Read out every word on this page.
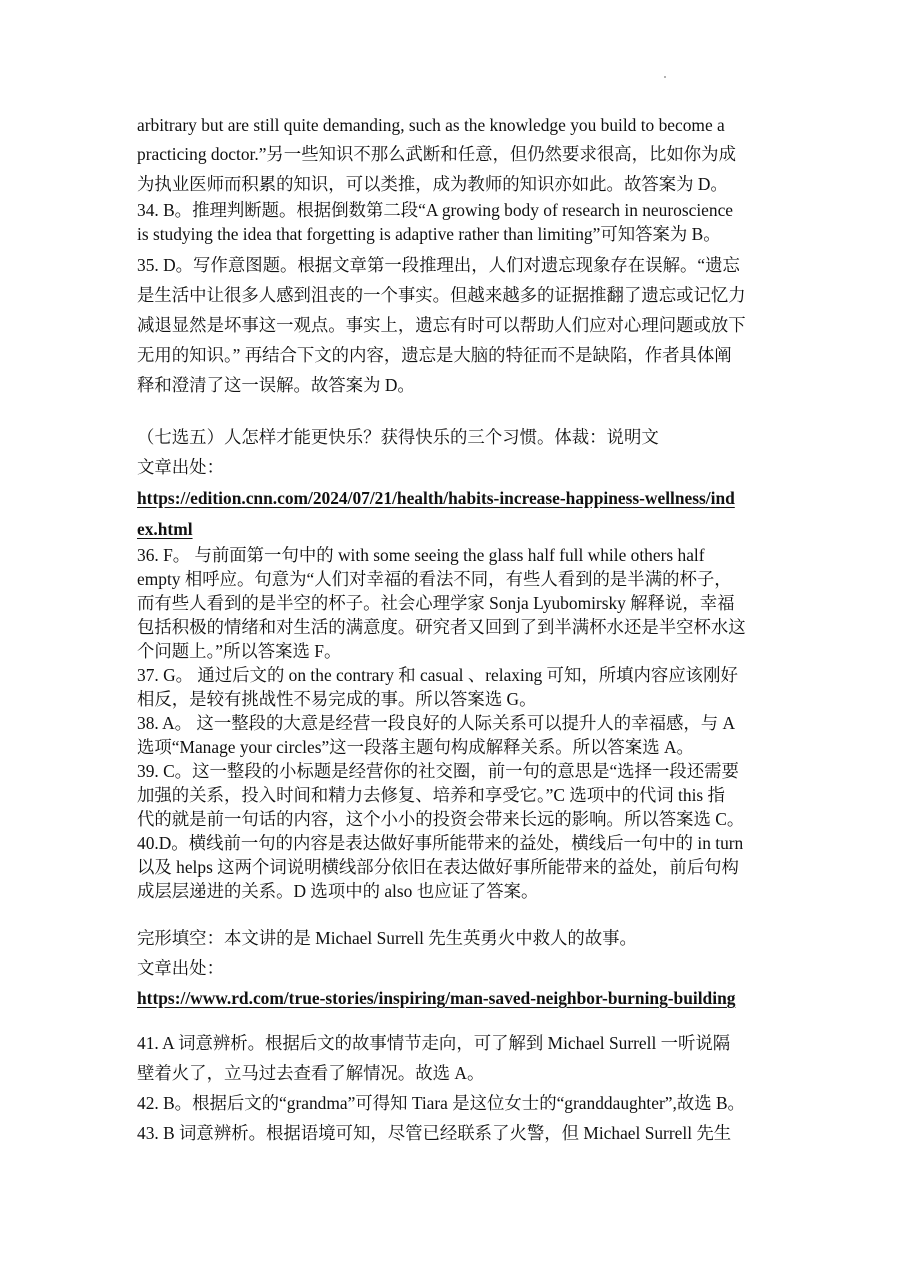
arbitrary but are still quite demanding, such as the knowledge you build to become a
practicing doctor.”另一些知识不那么武断和任意，但仍然要求很高，比如你为成
为执业医师而积累的知识，可以类推，成为教师的知识亦如此。故答案为 D。
34. B。推理判断题。根据倒数第二段“A growing body of research in neuroscience
is studying the idea that forgetting is adaptive rather than limiting”可知答案为 B。
35. D。写作意图题。根据文章第一段推理出，人们对遗忘现象存在误解。“遗忘
是生活中让很多人感到沮丧的一个事实。但越来越多的证据推翻了遗忘或记忆力
减退显然是坏事这一观点。事实上，遗忘有时可以帮助人们应对心理问题或放下
无用的知识。” 再结合下文的内容，遗忘是大脑的特征而不是缺陷，作者具体阐
释和澄清了这一误解。故答案为 D。
（七选五）人怎样才能更快乐？获得快乐的三个习惯。体裁：说明文
文章出处：
https://edition.cnn.com/2024/07/21/health/habits-increase-happiness-wellness/ind
ex.html
36. F。 与前面第一句中的 with some seeing the glass half full while others half
empty 相呼应。句意为“人们对幸福的看法不同，有些人看到的是半满的杯子，
而有些人看到的是半空的杯子。社会心理学家 Sonja Lyubomirsky 解释说，幸福
包括积极的情绪和对生活的满意度。研究者又回到了到半满杯水还是半空杯水这
个问题上。”所以答案选 F。
37. G。 通过后文的 on the contrary 和 casual 、relaxing 可知，所填内容应该刚好
相反，是较有挑战性不易完成的事。所以答案选 G。
38. A。 这一整段的大意是经营一段良好的人际关系可以提升人的幸福感，与 A
选项“Manage your circles”这一段落主题句构成解释关系。所以答案选 A。
39. C。这一整段的小标题是经营你的社交圈，前一句的意思是“选择一段还需要
加强的关系，投入时间和精力去修复、培养和享受它。”C 选项中的代词 this 指
代的就是前一句话的内容，这个小小的投资会带来长远的影响。所以答案选 C。
40.D。横线前一句的内容是表达做好事所能带来的益处，横线后一句中的 in turn
以及 helps 这两个词说明横线部分依旧在表达做好事所能带来的益处，前后句构
成层层递进的关系。D 选项中的 also 也应证了答案。
完形填空：本文讲的是 Michael Surrell 先生英勇火中救人的故事。
文章出处：
https://www.rd.com/true-stories/inspiring/man-saved-neighbor-burning-building
41. A 词意辨析。根据后文的故事情节走向，可了解到 Michael Surrell 一听说隔
壁着火了，立马过去查看了解情况。故选 A。
42. B。根据后文的“grandma”可得知 Tiara 是这位女士的“granddaughter”,故选 B。
43. B 词意辨析。根据语境可知，尽管已经联系了火警，但 Michael Surrell 先生
